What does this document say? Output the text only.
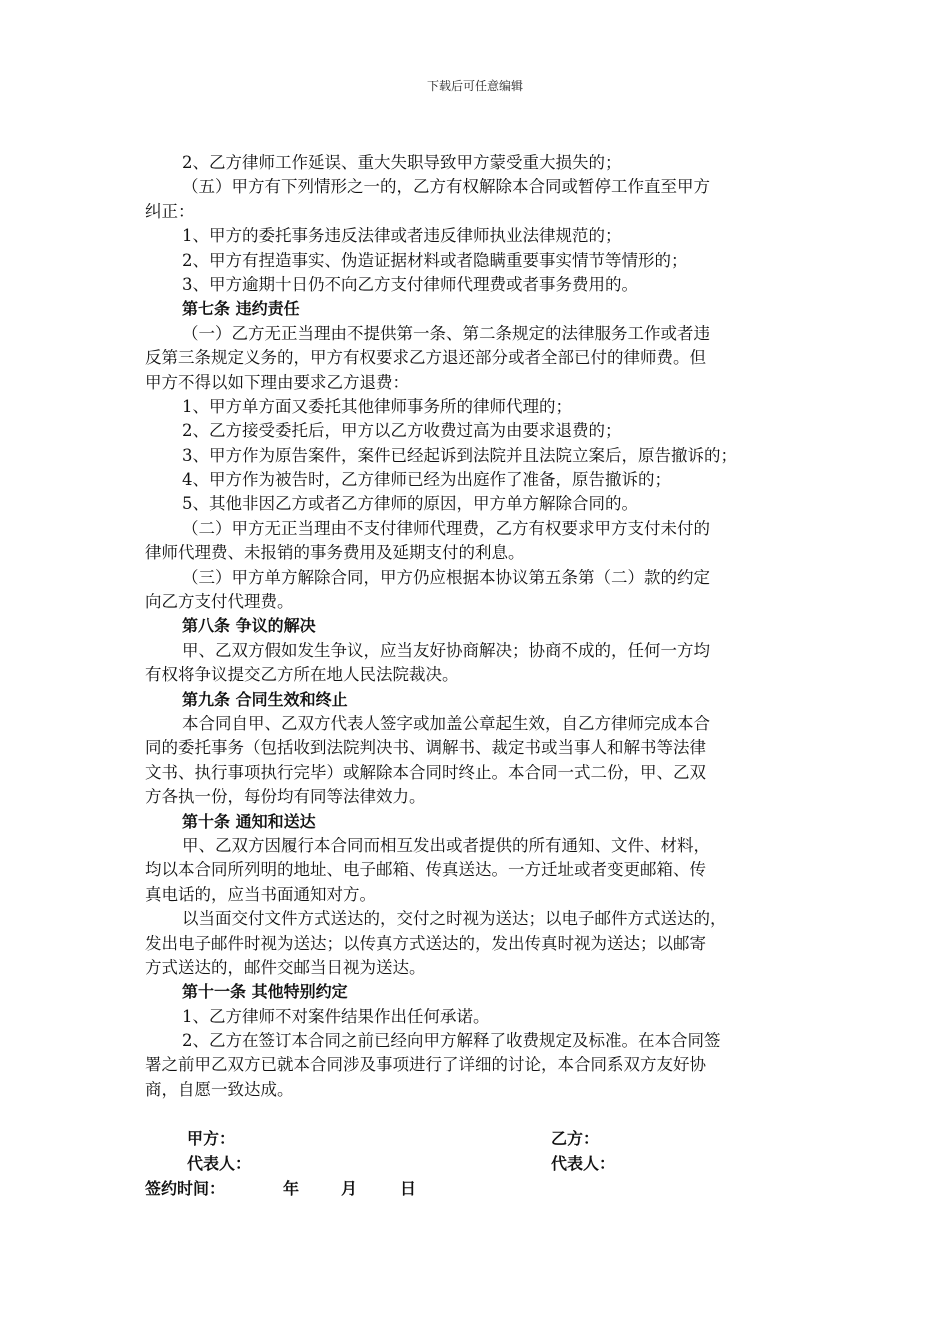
下载后可任意编辑

2、乙方律师工作延误、重大失职导致甲方蒙受重大损失的；

（五）甲方有下列情形之一的，乙方有权解除本合同或暂停工作直至甲方

纠正：

1、甲方的委托事务违反法律或者违反律师执业法律规范的；

2、甲方有捏造事实、伪造证据材料或者隐瞒重要事实情节等情形的；

3、甲方逾期十日仍不向乙方支付律师代理费或者事务费用的。

第七条 违约责任

（一）乙方无正当理由不提供第一条、第二条规定的法律服务工作或者违

反第三条规定义务的，甲方有权要求乙方退还部分或者全部已付的律师费。但

甲方不得以如下理由要求乙方退费：

1、甲方单方面又委托其他律师事务所的律师代理的；

2、乙方接受委托后，甲方以乙方收费过高为由要求退费的；

3、甲方作为原告案件，案件已经起诉到法院并且法院立案后，原告撤诉的；

4、甲方作为被告时，乙方律师已经为出庭作了准备，原告撤诉的；

5、其他非因乙方或者乙方律师的原因，甲方单方解除合同的。

（二）甲方无正当理由不支付律师代理费，乙方有权要求甲方支付未付的

律师代理费、未报销的事务费用及延期支付的利息。

（三）甲方单方解除合同，甲方仍应根据本协议第五条第（二）款的约定

向乙方支付代理费。

第八条 争议的解决

甲、乙双方假如发生争议，应当友好协商解决；协商不成的，任何一方均

有权将争议提交乙方所在地人民法院裁决。

第九条 合同生效和终止

本合同自甲、乙双方代表人签字或加盖公章起生效，自乙方律师完成本合

同的委托事务（包括收到法院判决书、调解书、裁定书或当事人和解书等法律

文书、执行事项执行完毕）或解除本合同时终止。本合同一式二份，甲、乙双

方各执一份，每份均有同等法律效力。

第十条 通知和送达

甲、乙双方因履行本合同而相互发出或者提供的所有通知、文件、材料，

均以本合同所列明的地址、电子邮箱、传真送达。一方迁址或者变更邮箱、传

真电话的，应当书面通知对方。

以当面交付文件方式送达的，交付之时视为送达；以电子邮件方式送达的，

发出电子邮件时视为送达；以传真方式送达的，发出传真时视为送达；以邮寄

方式送达的，邮件交邮当日视为送达。

第十一条 其他特别约定

1、乙方律师不对案件结果作出任何承诺。

2、乙方在签订本合同之前已经向甲方解释了收费规定及标准。在本合同签

署之前甲乙双方已就本合同涉及事项进行了详细的讨论，本合同系双方友好协

商，自愿一致达成。

甲方：	乙方：
代表人：	代表人：
签约时间：	年	月	日
